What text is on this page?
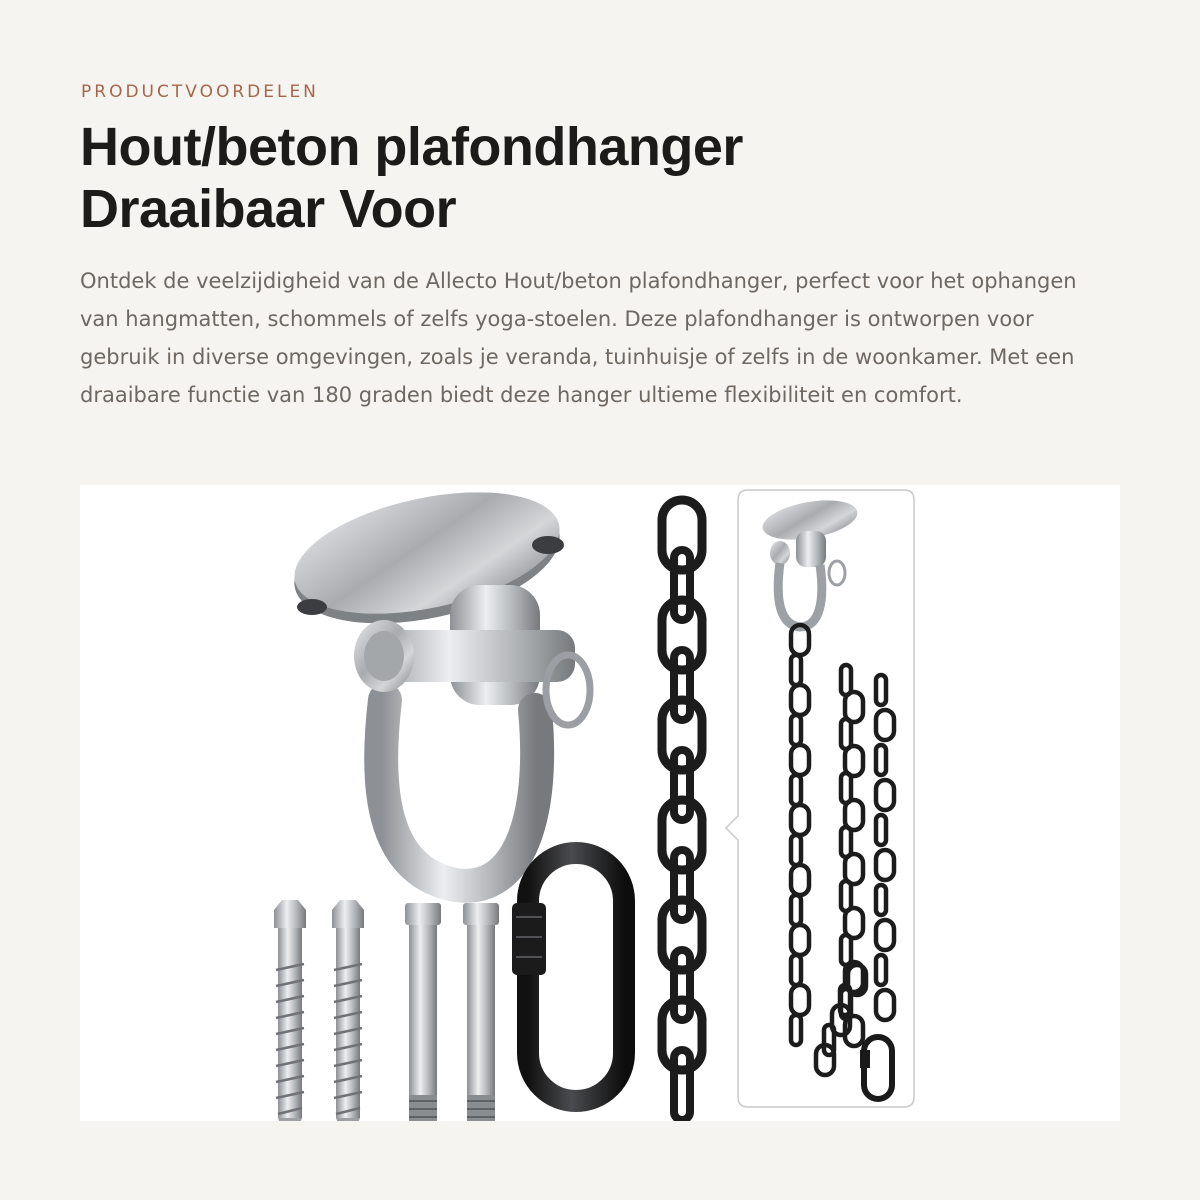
PRODUCTVOORDELEN
Hout/beton plafondhanger
Draaibaar Voor

Ontdek de veelzijdigheid van de Allecto Hout/beton plafondhanger, perfect voor het ophangen van hangmatten, schommels of zelfs yoga-stoelen. Deze plafondhanger is ontworpen voor gebruik in diverse omgevingen, zoals je veranda, tuinhuisje of zelfs in de woonkamer. Met een draaibare functie van 180 graden biedt deze hanger ultieme flexibiliteit en comfort.
